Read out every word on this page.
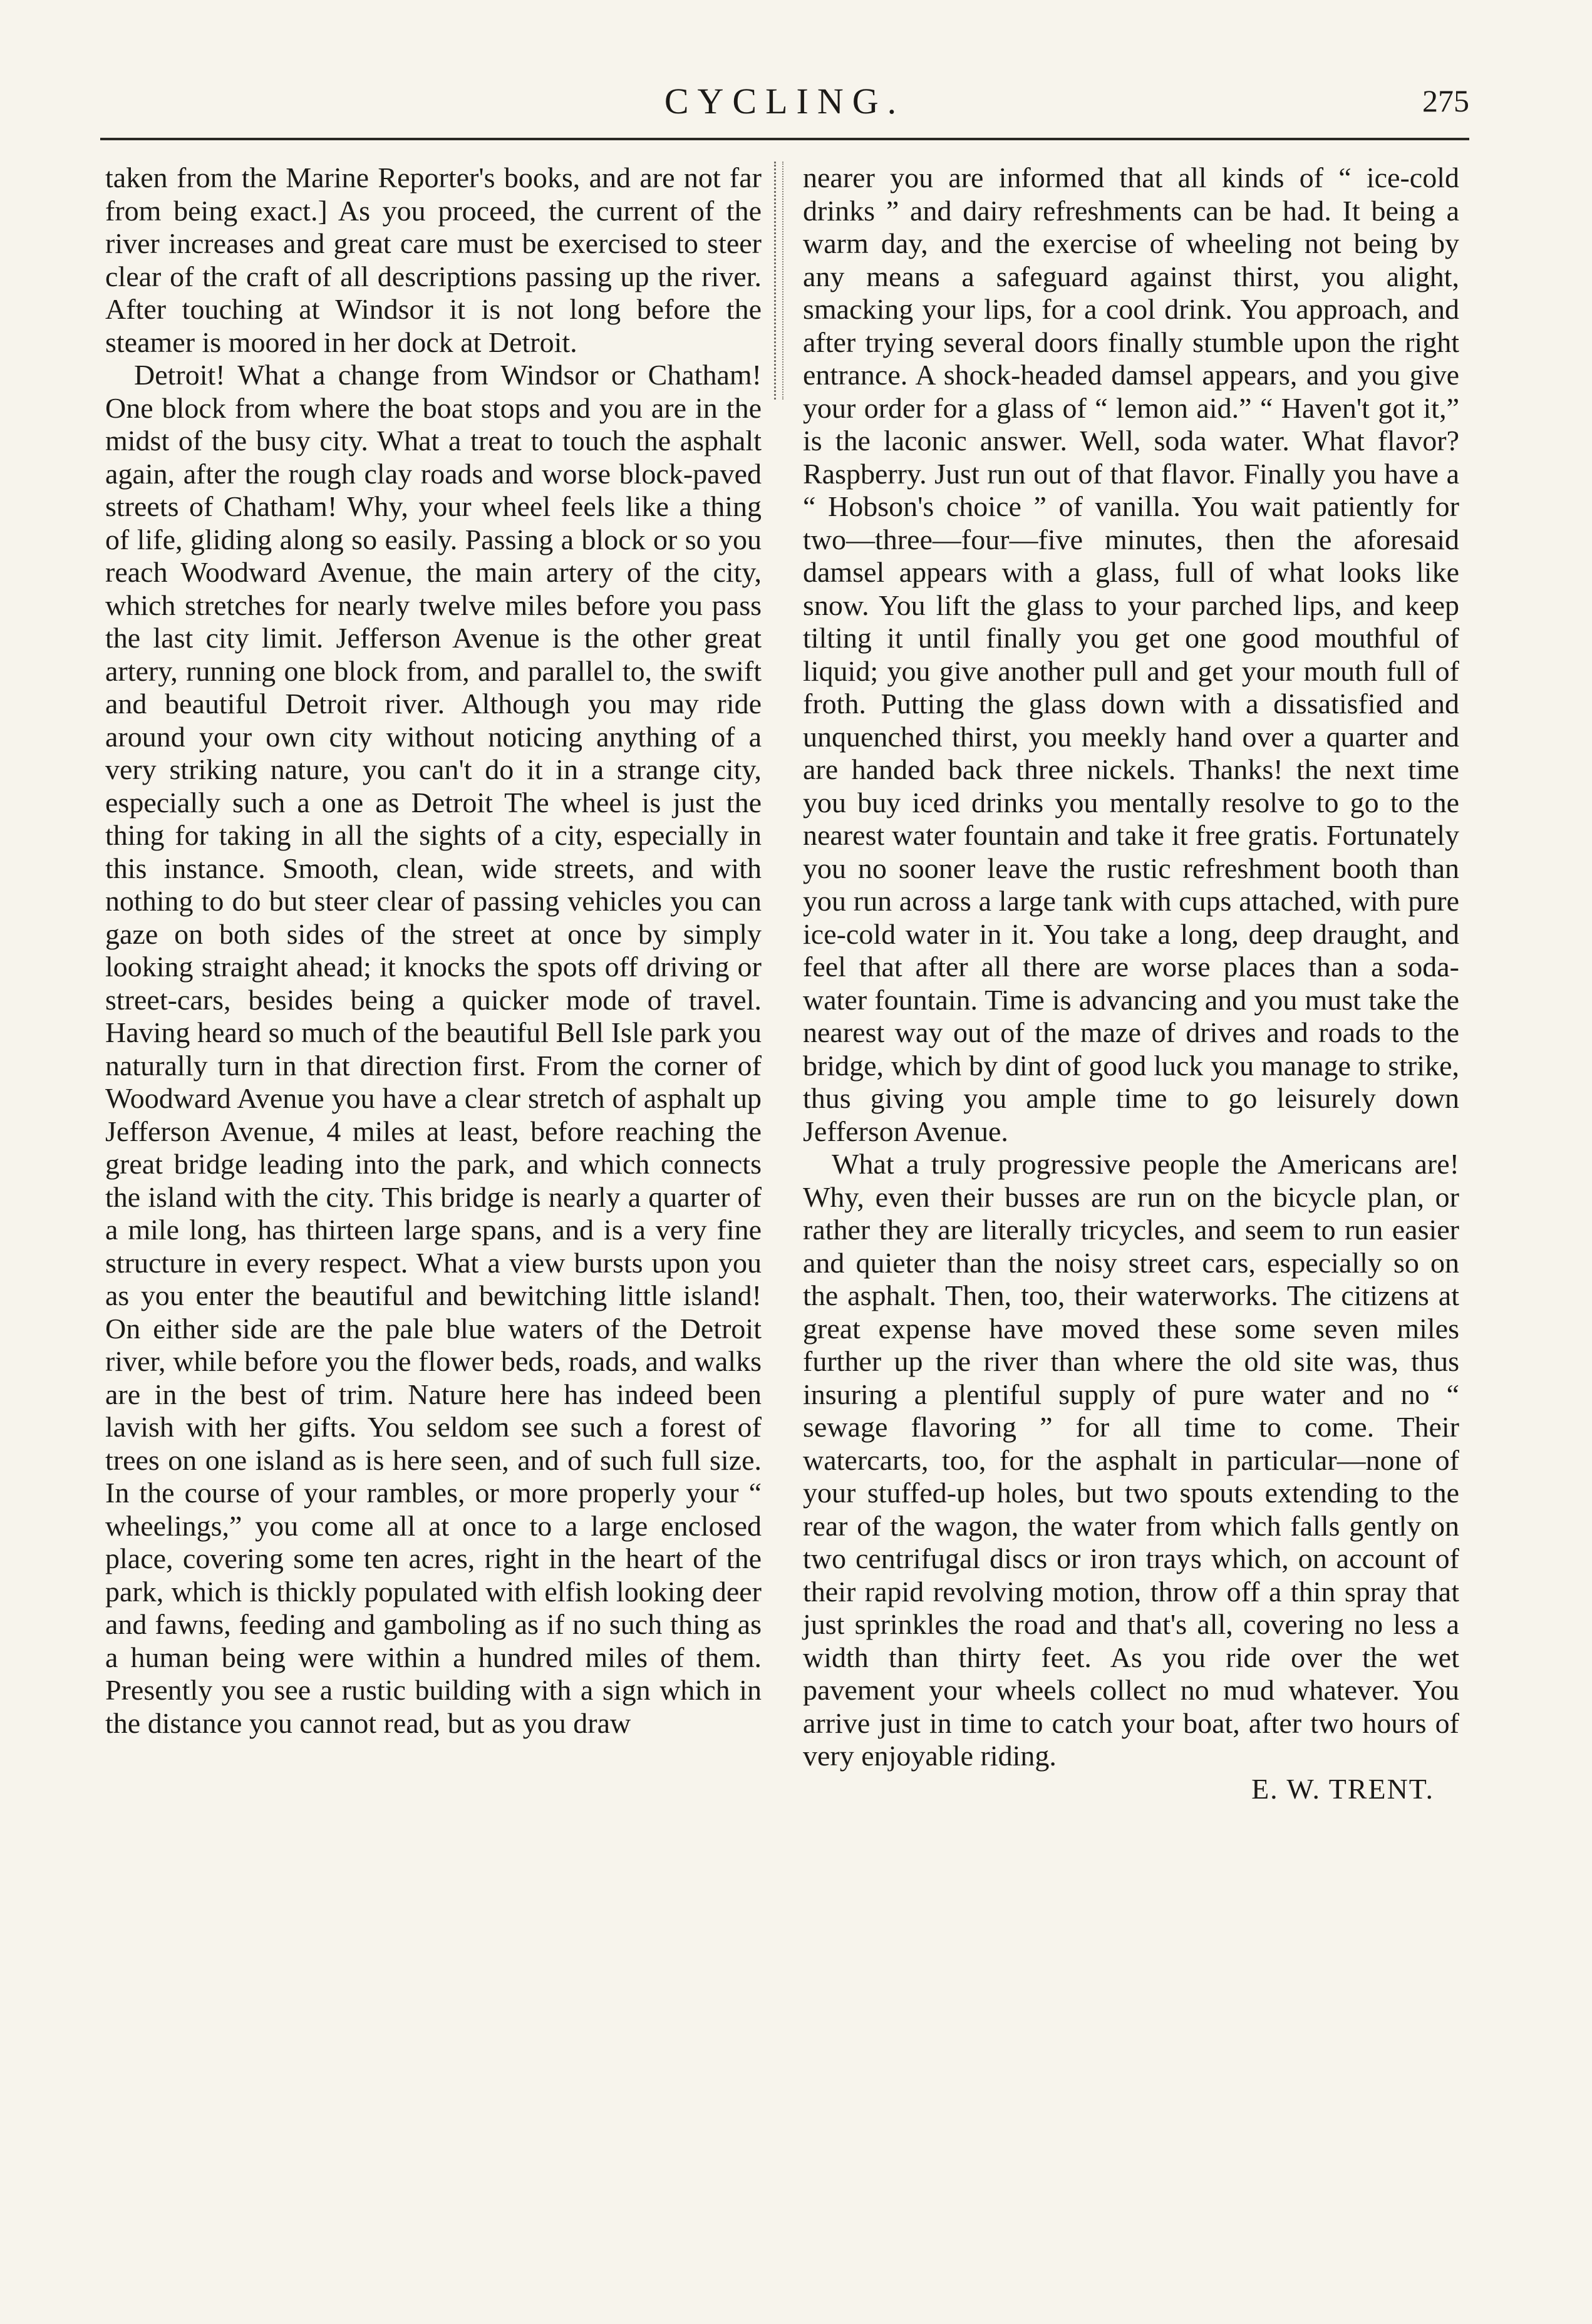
CYCLING.	275

taken from the Marine Reporter's books, and are not far from being exact.] As you proceed, the current of the river increases and great care must be exercised to steer clear of the craft of all descriptions passing up the river. After touching at Windsor it is not long before the steamer is moored in her dock at Detroit.

Detroit! What a change from Windsor or Chatham! One block from where the boat stops and you are in the midst of the busy city. What a treat to touch the asphalt again, after the rough clay roads and worse block-paved streets of Chatham! Why, your wheel feels like a thing of life, gliding along so easily. Passing a block or so you reach Woodward Avenue, the main artery of the city, which stretches for nearly twelve miles before you pass the last city limit. Jefferson Avenue is the other great artery, running one block from, and parallel to, the swift and beautiful Detroit river. Although you may ride around your own city without noticing anything of a very striking nature, you can't do it in a strange city, especially such a one as Detroit The wheel is just the thing for taking in all the sights of a city, especially in this instance. Smooth, clean, wide streets, and with nothing to do but steer clear of passing vehicles you can gaze on both sides of the street at once by simply looking straight ahead; it knocks the spots off driving or street-cars, besides being a quicker mode of travel. Having heard so much of the beautiful Bell Isle park you naturally turn in that direction first. From the corner of Woodward Avenue you have a clear stretch of asphalt up Jefferson Avenue, 4 miles at least, before reaching the great bridge leading into the park, and which connects the island with the city. This bridge is nearly a quarter of a mile long, has thirteen large spans, and is a very fine structure in every respect. What a view bursts upon you as you enter the beautiful and bewitching little island! On either side are the pale blue waters of the Detroit river, while before you the flower beds, roads, and walks are in the best of trim. Nature here has indeed been lavish with her gifts. You seldom see such a forest of trees on one island as is here seen, and of such full size. In the course of your rambles, or more properly your “ wheelings,” you come all at once to a large enclosed place, covering some ten acres, right in the heart of the park, which is thickly populated with elfish looking deer and fawns, feeding and gamboling as if no such thing as a human being were within a hundred miles of them. Presently you see a rustic building with a sign which in the distance you cannot read, but as you draw

nearer you are informed that all kinds of “ ice-cold drinks ” and dairy refreshments can be had. It being a warm day, and the exercise of wheeling not being by any means a safeguard against thirst, you alight, smacking your lips, for a cool drink. You approach, and after trying several doors finally stumble upon the right entrance. A shock-headed damsel appears, and you give your order for a glass of “ lemon aid.” “ Haven't got it,” is the laconic answer. Well, soda water. What flavor? Raspberry. Just run out of that flavor. Finally you have a “ Hobson's choice ” of vanilla. You wait patiently for two—three—four—five minutes, then the aforesaid damsel appears with a glass, full of what looks like snow. You lift the glass to your parched lips, and keep tilting it until finally you get one good mouthful of liquid; you give another pull and get your mouth full of froth. Putting the glass down with a dissatisfied and unquenched thirst, you meekly hand over a quarter and are handed back three nickels. Thanks! the next time you buy iced drinks you mentally resolve to go to the nearest water fountain and take it free gratis. Fortunately you no sooner leave the rustic refreshment booth than you run across a large tank with cups attached, with pure ice-cold water in it. You take a long, deep draught, and feel that after all there are worse places than a soda-water fountain. Time is advancing and you must take the nearest way out of the maze of drives and roads to the bridge, which by dint of good luck you manage to strike, thus giving you ample time to go leisurely down Jefferson Avenue.

What a truly progressive people the Americans are! Why, even their busses are run on the bicycle plan, or rather they are literally tricycles, and seem to run easier and quieter than the noisy street cars, especially so on the asphalt. Then, too, their waterworks. The citizens at great expense have moved these some seven miles further up the river than where the old site was, thus insuring a plentiful supply of pure water and no “ sewage flavoring ” for all time to come. Their watercarts, too, for the asphalt in particular—none of your stuffed-up holes, but two spouts extending to the rear of the wagon, the water from which falls gently on two centrifugal discs or iron trays which, on account of their rapid revolving motion, throw off a thin spray that just sprinkles the road and that's all, covering no less a width than thirty feet. As you ride over the wet pavement your wheels collect no mud whatever. You arrive just in time to catch your boat, after two hours of very enjoyable riding.

E. W. TRENT.
